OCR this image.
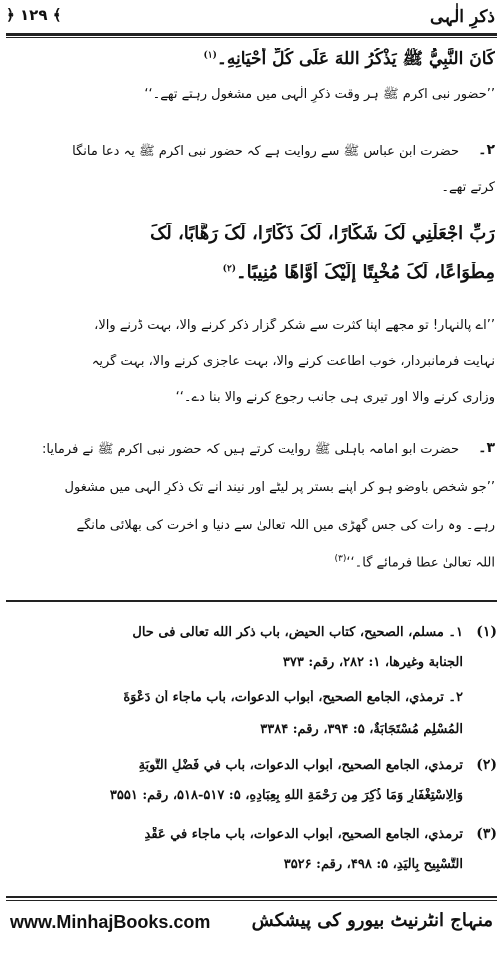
ذکرِ الٰہی
﴿ ۱۲۹ ﴾
كَانَ النَّبِيُّ ﷺ يَذْكُرُ اللهَ عَلَى كُلِّ أَحْيَانِهِ۔$^{(۱)}$
’’حضور نبی اکرم ﷺ ہر وقت ذکرِ الٰہی میں مشغول رہتے تھے۔‘‘
۲۔
حضرت ابن عباس ﷺ سے روایت ہے کہ حضور نبی اکرم ﷺ یہ دعا مانگا
کرتے تھے۔
رَبِّ اجْعَلْنِي لَکَ شَکَّارًا، لَکَ ذَکَّارًا، لَکَ رَهَّابًا، لَکَ
مِطْوَاعًا، لَکَ مُخْبِتًا إِلَيْکَ أَوَّاهًا مُنِيبًا۔$^{(۲)}$
’’اے پالنہار! تو مجھے اپنا کثرت سے شکر گزار ذکر کرنے والا، بہت ڈرنے والا،
نہایت فرمانبردار، خوب اطاعت کرنے والا، بہت عاجزی کرنے والا، بہت گریہ
وزاری کرنے والا اور تیری ہی جانب رجوع کرنے والا بنا دے۔‘‘
۳۔
حضرت ابو امامہ باہلی ﷺ روایت کرتے ہیں کہ حضور نبی اکرم ﷺ نے فرمایا:
’’جو شخص باوضو ہو کر اپنے بستر پر لیٹے اور نیند آنے تک ذکرِ الٰہی میں مشغول
رہے۔ وہ رات کی جس گھڑی میں اللہ تعالیٰ سے دنیا و آخرت کی بھلائی مانگے
اللہ تعالیٰ عطا فرمائے گا۔‘‘$^{(۳)}$
(۱)
۱۔ مسلم، الصحيح، كتاب الحيض، باب ذكر الله تعالى فى حال
الجنابة وغيرها، ۱: ۲۸۲، رقم: ۳۷۳
۲۔ ترمذي، الجامع الصحيح، أبواب الدعوات، باب ماجاء أن دَعْوَةَ
الْمُسْلِمِ مُسْتَجَابَةٌ، ۵: ۳۹۴، رقم: ۳۳۸۴
(۲)
ترمذي، الجامع الصحيح، أبواب الدعوات، باب في فَضْلِ التَّوبَةِ
وَالِاسْتِغْفَارِ وَمَا ذُكِرَ مِن رَحْمَةِ اللهِ بِعِبَادِهِ، ۵: ۵۱۷-۵۱۸، رقم: ۳۵۵۱
(۳)
ترمذي، الجامع الصحيح، أبواب الدعوات، باب ماجاء في عَقْدِ
التَّسْبِيحِ بِالْيَدِ، ۵: ۴۹۸، رقم: ۳۵۲۶
www.MinhajBooks.com منہاج انٹرنیٹ بیورو کی پیشکش
